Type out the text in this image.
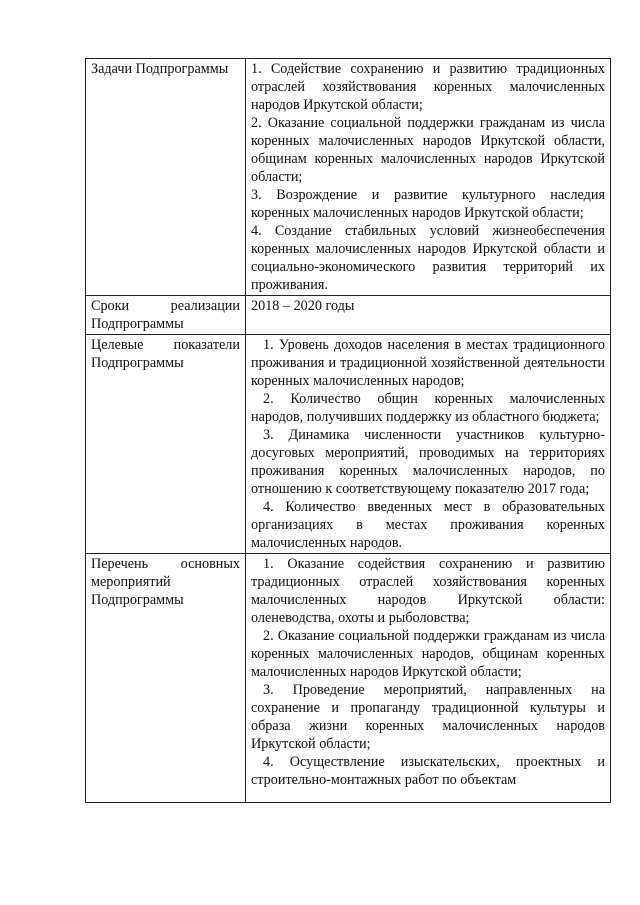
Задачи Подпрограммы	1. Содействие сохранению и развитию традиционных отраслей хозяйствования коренных малочисленных народов Иркутской области;
2. Оказание социальной поддержки гражданам из числа коренных малочисленных народов Иркутской области, общинам коренных малочисленных народов Иркутской области;
3. Возрождение и развитие культурного наследия коренных малочисленных народов Иркутской области;
4. Создание стабильных условий жизнеобеспечения коренных малочисленных народов Иркутской области и социально-экономического развития территорий их проживания.

Сроки реализации Подпрограммы	2018 – 2020 годы

Целевые показатели Подпрограммы	1. Уровень доходов населения в местах традиционного проживания и традиционной хозяйственной деятельности коренных малочисленных народов;
2. Количество общин коренных малочисленных народов, получивших поддержку из областного бюджета;
3. Динамика численности участников культурно-досуговых мероприятий, проводимых на территориях проживания коренных малочисленных народов, по отношению к соответствующему показателю 2017 года;
4. Количество введенных мест в образовательных организациях в местах проживания коренных малочисленных народов.

Перечень основных мероприятий Подпрограммы	1. Оказание содействия сохранению и развитию традиционных отраслей хозяйствования коренных малочисленных народов Иркутской области: оленеводства, охоты и рыболовства;
2. Оказание социальной поддержки гражданам из числа коренных малочисленных народов, общинам коренных малочисленных народов Иркутской области;
3. Проведение мероприятий, направленных на сохранение и пропаганду традиционной культуры и образа жизни коренных малочисленных народов Иркутской области;
4. Осуществление изыскательских, проектных и строительно-монтажных работ по объектам
